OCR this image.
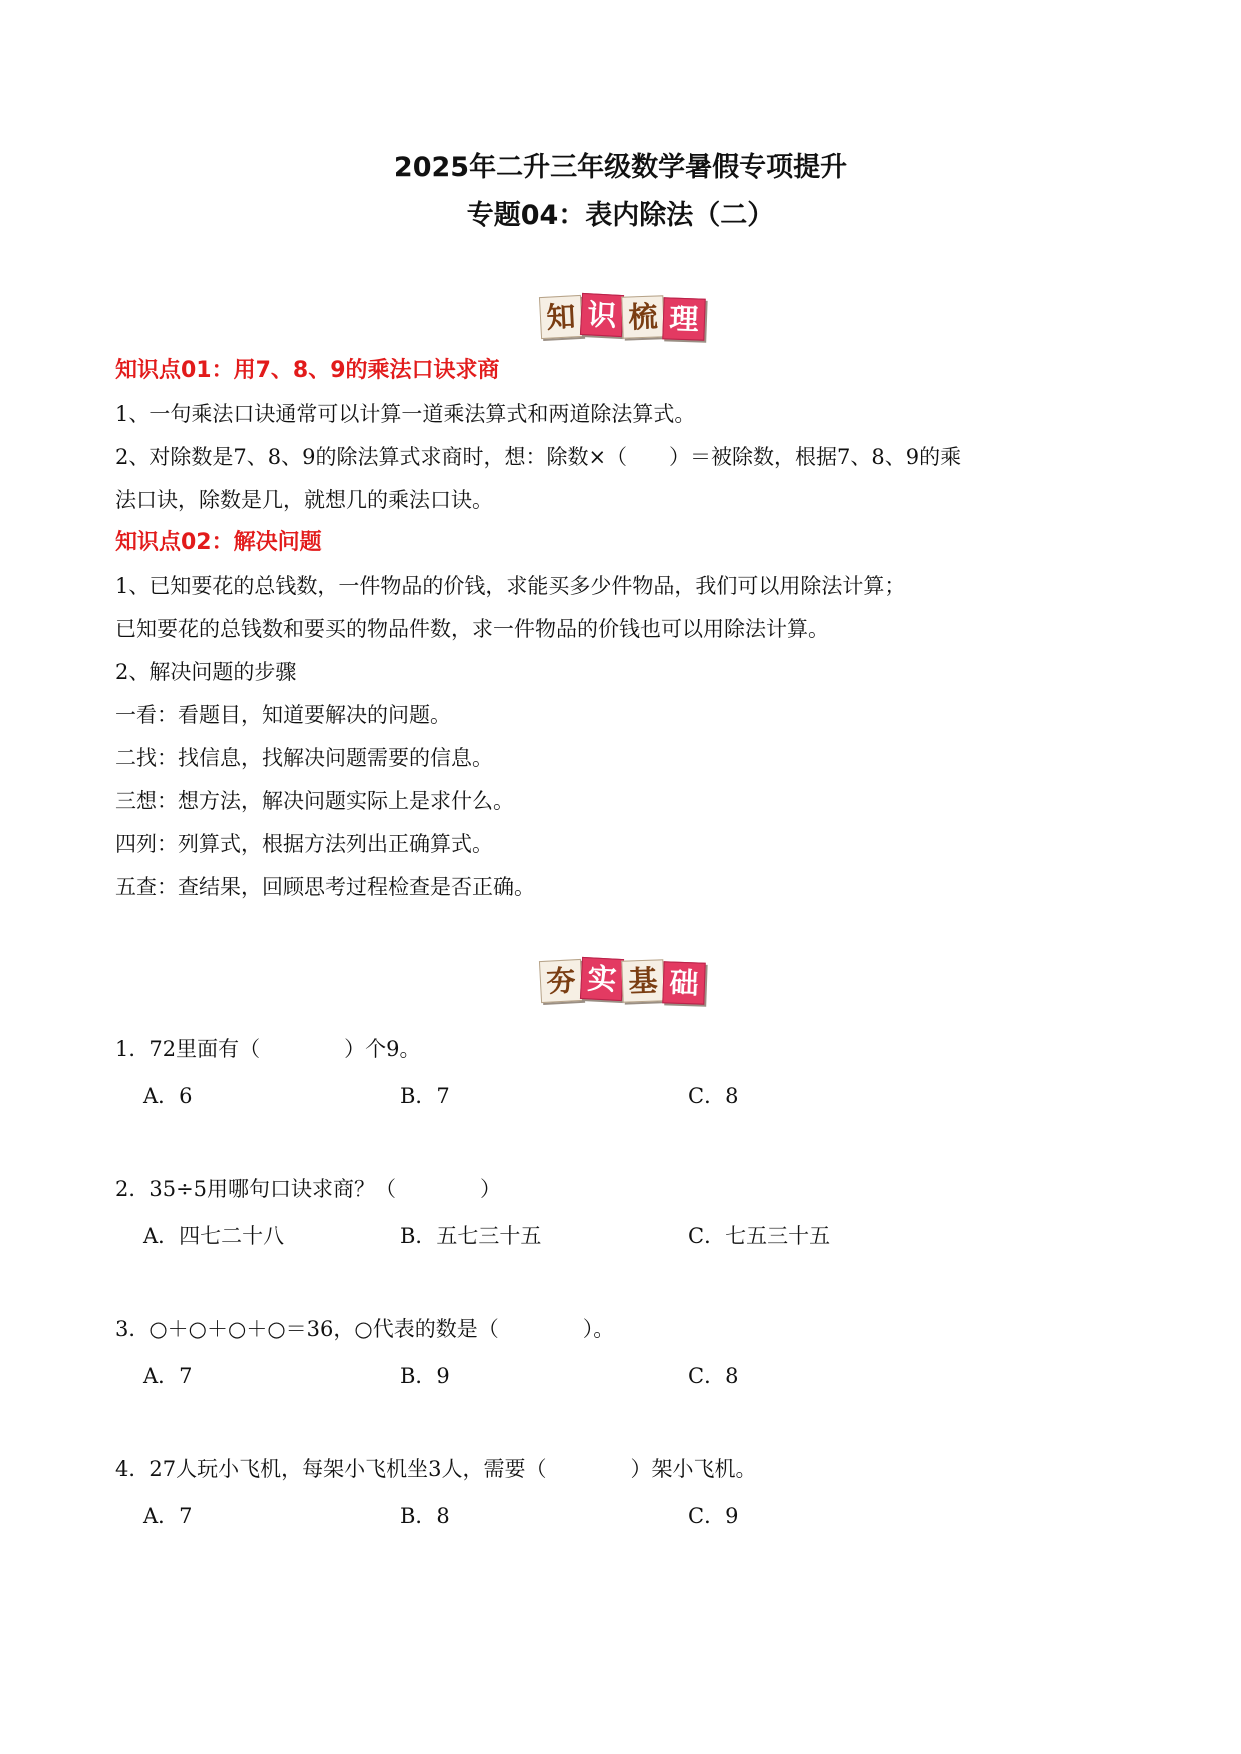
2025年二升三年级数学暑假专项提升
专题04：表内除法（二）
知 识 梳 理
知识点01：用7、8、9的乘法口诀求商
1、一句乘法口诀通常可以计算一道乘法算式和两道除法算式。
2、对除数是7、8、9的除法算式求商时，想：除数×（　　）＝被除数，根据7、8、9的乘
法口诀，除数是几，就想几的乘法口诀。
知识点02：解决问题
1、已知要花的总钱数，一件物品的价钱，求能买多少件物品，我们可以用除法计算；
已知要花的总钱数和要买的物品件数，求一件物品的价钱也可以用除法计算。
2、解决问题的步骤
一看：看题目，知道要解决的问题。
二找：找信息，找解决问题需要的信息。
三想：想方法，解决问题实际上是求什么。
四列：列算式，根据方法列出正确算式。
五查：查结果，回顾思考过程检查是否正确。
夯 实 基 础
1．72里面有（　　　　）个9。
A．6	B．7	C．8
2．35÷5用哪句口诀求商？（　　　　）
A．四七二十八	B．五七三十五	C．七五三十五
3．○＋○＋○＋○＝36，○代表的数是（　　　　）。
A．7	B．9	C．8
4．27人玩小飞机，每架小飞机坐3人，需要（　　　　）架小飞机。
A．7	B．8	C．9
